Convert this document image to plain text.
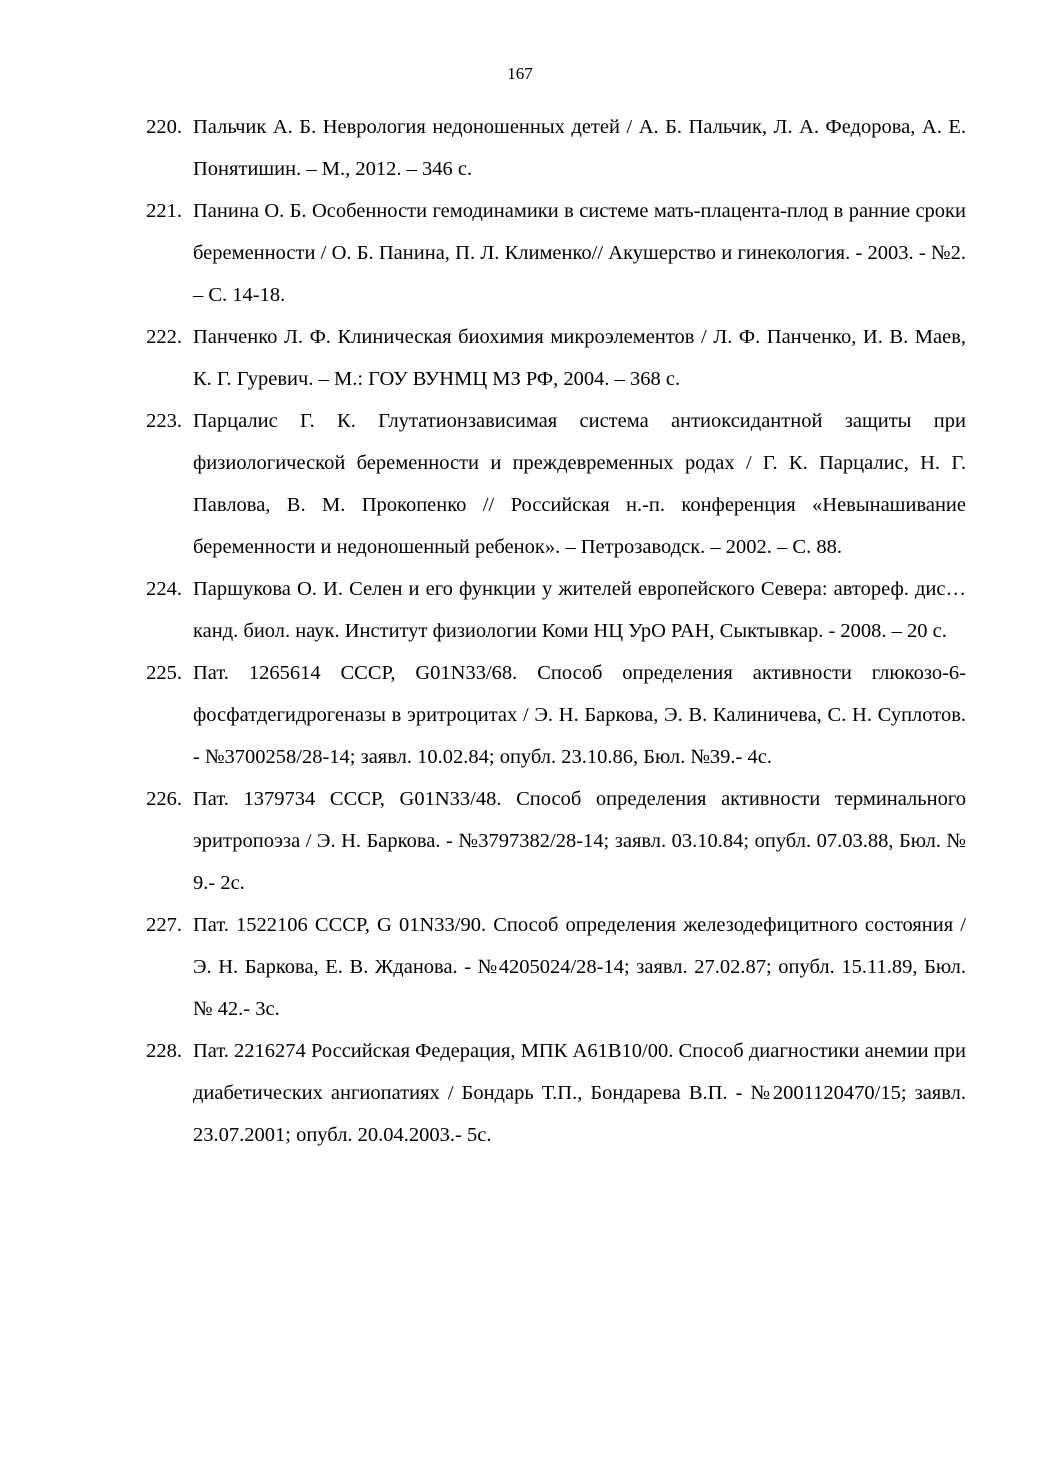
167
220. Пальчик А. Б. Неврология недоношенных детей / А. Б. Пальчик, Л. А. Федорова, А. Е. Понятишин. – М., 2012. – 346 с.
221. Панина О. Б. Особенности гемодинамики в системе мать-плацента-плод в ранние сроки беременности / О. Б. Панина, П. Л. Клименко// Акушерство и гинекология. - 2003. - №2. – С. 14-18.
222. Панченко Л. Ф. Клиническая биохимия микроэлементов / Л. Ф. Панченко, И. В. Маев, К. Г. Гуревич. – М.: ГОУ ВУНМЦ МЗ РФ, 2004. – 368 с.
223. Парцалис Г. К. Глутатионзависимая система антиоксидантной защиты при физиологической беременности и преждевременных родах / Г. К. Парцалис, Н. Г. Павлова, В. М. Прокопенко // Российская н.-п. конференция «Невынашивание беременности и недоношенный ребенок». – Петрозаводск. – 2002. – С. 88.
224. Паршукова О. И. Селен и его функции у жителей европейского Севера: автореф. дис…канд. биол. наук. Институт физиологии Коми НЦ УрО РАН, Сыктывкар. - 2008. – 20 с.
225. Пат. 1265614 СССР, G01N33/68. Способ определения активности глюкозо-6-фосфатдегидрогеназы в эритроцитах / Э. Н. Баркова, Э. В. Калиничева, С. Н. Суплотов. - №3700258/28-14; заявл. 10.02.84; опубл. 23.10.86, Бюл. №39.- 4с.
226. Пат. 1379734 СССР, G01N33/48. Способ определения активности терминального эритропоэза / Э. Н. Баркова. - №3797382/28-14; заявл. 03.10.84; опубл. 07.03.88, Бюл. № 9.- 2с.
227. Пат. 1522106 СССР, G 01N33/90. Способ определения железодефицитного состояния / Э. Н. Баркова, Е. В. Жданова. - №4205024/28-14; заявл. 27.02.87; опубл. 15.11.89, Бюл. № 42.- 3с.
228. Пат. 2216274 Российская Федерация, МПК А61В10/00. Способ диагностики анемии при диабетических ангиопатиях / Бондарь Т.П., Бондарева В.П. - №2001120470/15; заявл. 23.07.2001; опубл. 20.04.2003.- 5с.
